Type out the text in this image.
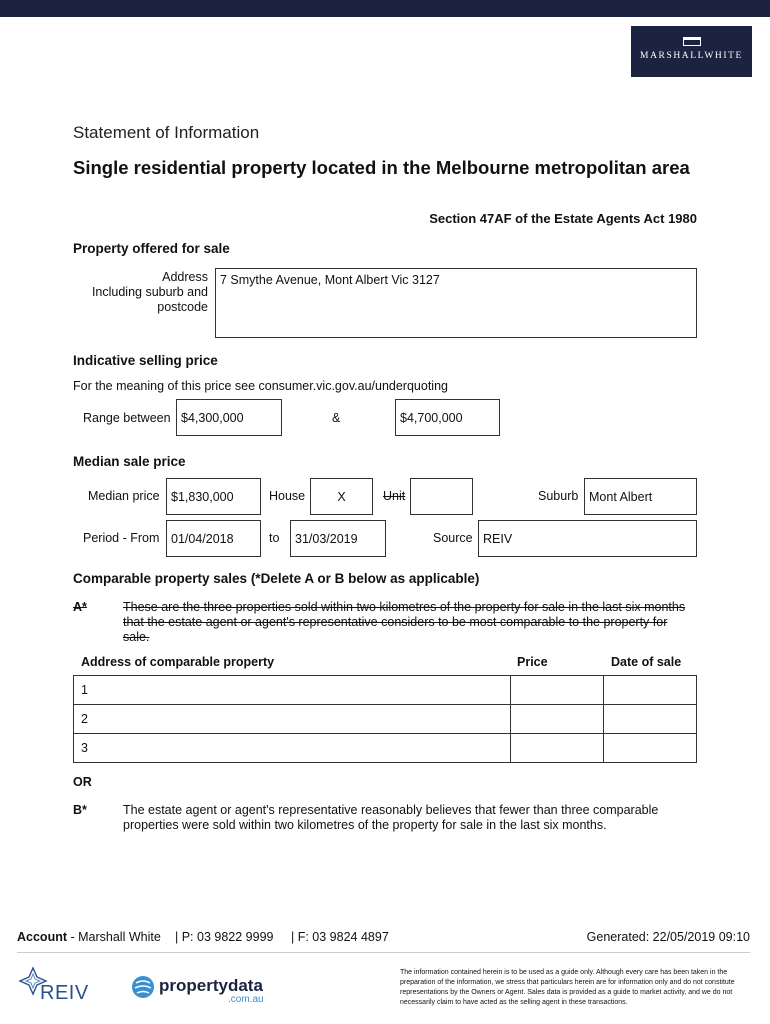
MARSHALLWHITE
Statement of Information
Single residential property located in the Melbourne metropolitan area
Section 47AF of the Estate Agents Act 1980
Property offered for sale
Address
Including suburb and
postcode
7 Smythe Avenue, Mont Albert Vic 3127
Indicative selling price
For the meaning of this price see consumer.vic.gov.au/underquoting
Range between $4,300,000	&	$4,700,000
Median sale price
Median price $1,830,000	House	X	Unit	Suburb Mont Albert
Period - From 01/04/2018	to	31/03/2019	Source REIV
Comparable property sales (*Delete A or B below as applicable)
A*	These are the three properties sold within two kilometres of the property for sale in the last six months that the estate agent or agent's representative considers to be most comparable to the property for sale.
Address of comparable property	Price	Date of sale
1		
2		
3		
OR
B*	The estate agent or agent's representative reasonably believes that fewer than three comparable properties were sold within two kilometres of the property for sale in the last six months.
Account - Marshall White | P: 03 9822 9999 | F: 03 9824 4897	Generated: 22/05/2019 09:10
REIV	propertydata
.com.au
The information contained herein is to be used as a guide only. Although every care has been taken in the preparation of the information, we stress that particulars herein are for information only and do not constitute representations by the Owners or Agent. Sales data is provided as a guide to market activity, and we do not necessarily claim to have acted as the selling agent in these transactions.
